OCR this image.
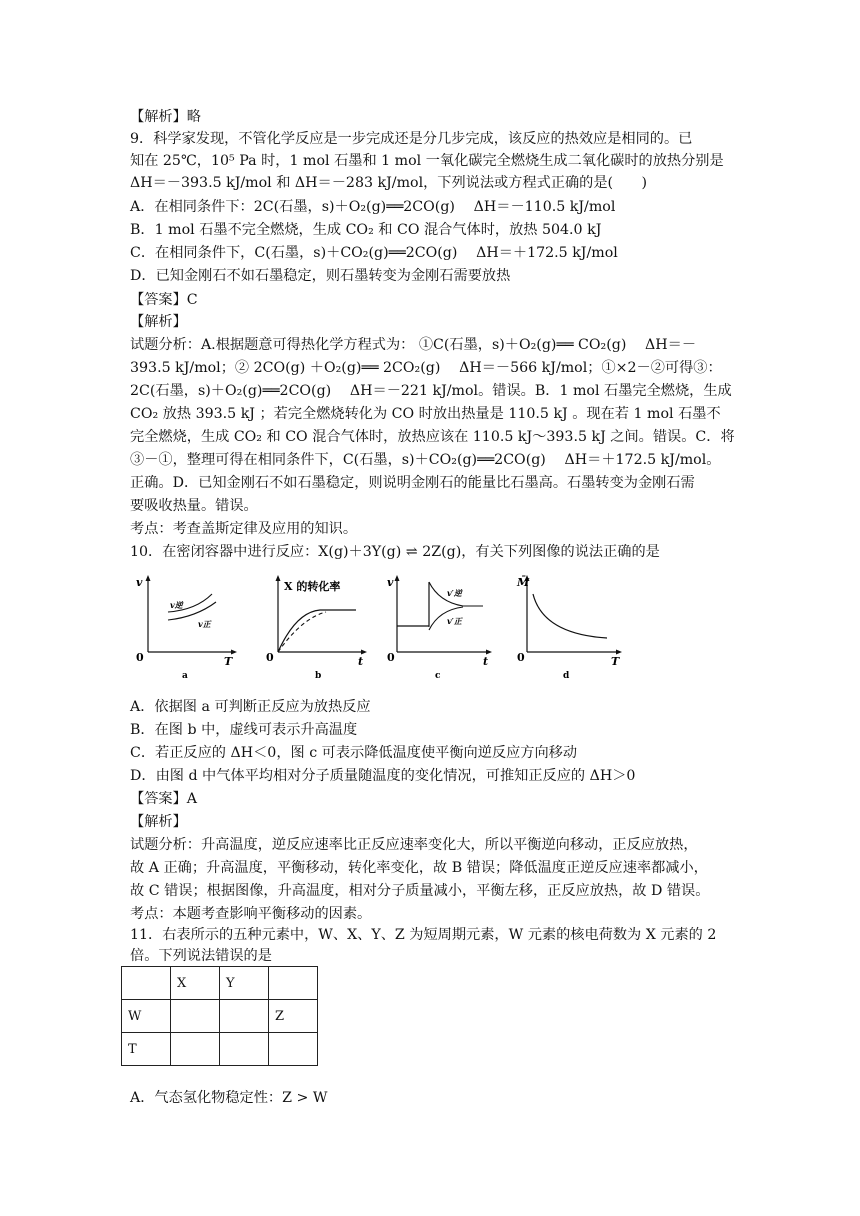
【解析】略
9．科学家发现，不管化学反应是一步完成还是分几步完成，该反应的热效应是相同的。已
知在 25℃，10⁵ Pa 时，1 mol 石墨和 1 mol 一氧化碳完全燃烧生成二氧化碳时的放热分别是
ΔH＝－393.5 kJ/mol 和 ΔH＝－283 kJ/mol，下列说法或方程式正确的是(　　)
A．在相同条件下：2C(石墨，s)＋O₂(g)══2CO(g)　 ΔH＝－110.5 kJ/mol
B．1 mol 石墨不完全燃烧，生成 CO₂ 和 CO 混合气体时，放热 504.0 kJ
C．在相同条件下，C(石墨，s)＋CO₂(g)══2CO(g)　 ΔH＝＋172.5 kJ/mol
D．已知金刚石不如石墨稳定，则石墨转变为金刚石需要放热
【答案】C
【解析】
试题分析：A.根据题意可得热化学方程式为： ①C(石墨，s)＋O₂(g)══ CO₂(g)　 ΔH＝－
393.5 kJ/mol；② 2CO(g) ＋O₂(g)══ 2CO₂(g)　 ΔH＝－566 kJ/mol；①×2－②可得③：
2C(石墨，s)＋O₂(g)══2CO(g)　 ΔH＝－221 kJ/mol。错误。B．1 mol 石墨完全燃烧，生成
CO₂ 放热 393.5 kJ ；若完全燃烧转化为 CO 时放出热量是 110.5 kJ 。现在若 1 mol 石墨不
完全燃烧，生成 CO₂ 和 CO 混合气体时，放热应该在 110.5 kJ～393.5 kJ 之间。错误。C．将
③－①，整理可得在相同条件下，C(石墨，s)＋CO₂(g)══2CO(g)　 ΔH＝＋172.5 kJ/mol。
正确。D．已知金刚石不如石墨稳定，则说明金刚石的能量比石墨高。石墨转变为金刚石需
要吸收热量。错误。
考点：考查盖斯定律及应用的知识。
10．在密闭容器中进行反应：X(g)＋3Y(g) ⇌ 2Z(g)，有关下列图像的说法正确的是
v
0	T
v逆
v正
a
X 的转化率
0	t
b
v
0	t
v′逆
v′正
c
M̄
0	T
d
A．依据图 a 可判断正反应为放热反应
B．在图 b 中，虚线可表示升高温度
C．若正反应的 ΔH＜0，图 c 可表示降低温度使平衡向逆反应方向移动
D．由图 d 中气体平均相对分子质量随温度的变化情况，可推知正反应的 ΔH＞0
【答案】A
【解析】
试题分析：升高温度，逆反应速率比正反应速率变化大，所以平衡逆向移动，正反应放热，
故 A 正确；升高温度，平衡移动，转化率变化，故 B 错误；降低温度正逆反应速率都减小，
故 C 错误；根据图像，升高温度，相对分子质量减小，平衡左移，正反应放热，故 D 错误。
考点：本题考查影响平衡移动的因素。
11．右表所示的五种元素中，W、X、Y、Z 为短周期元素，W 元素的核电荷数为 X 元素的 2
倍。下列说法错误的是
	X	Y	
W			Z
T			
A．气态氢化物稳定性：Z > W
